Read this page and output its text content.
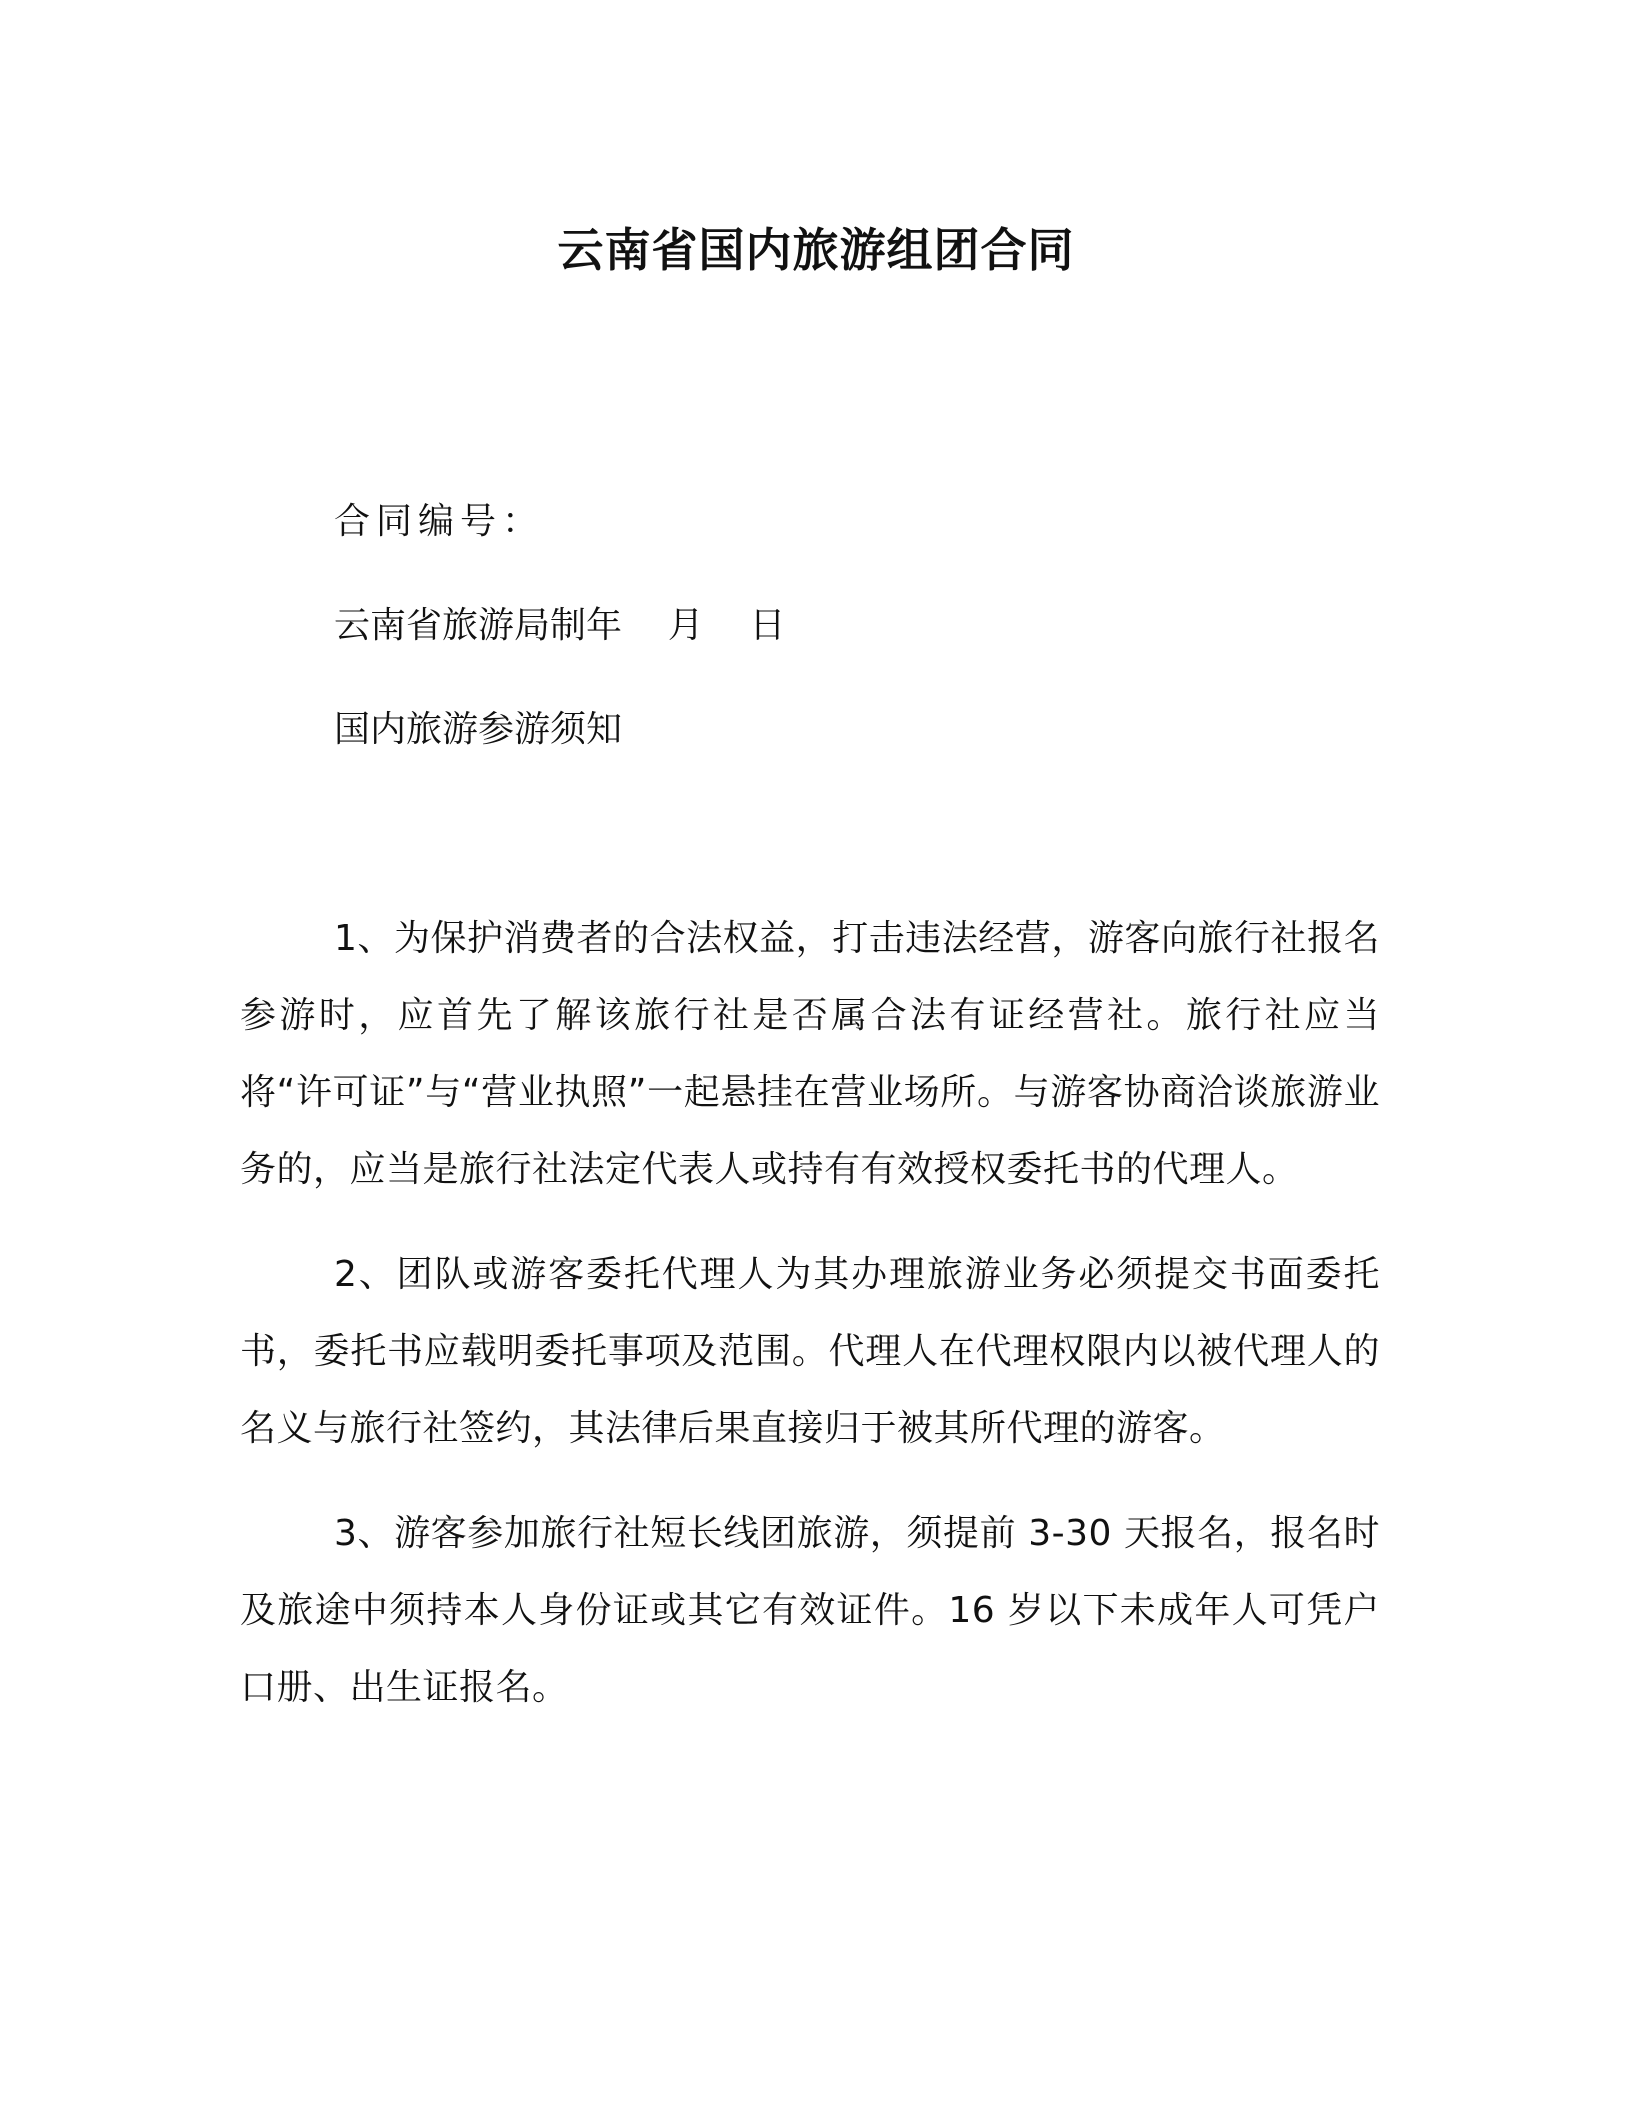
云南省国内旅游组团合同
合同编号：
云南省旅游局制年    月    日
国内旅游参游须知

1、为保护消费者的合法权益，打击违法经营，游客向旅行社报名参游时，应首先了解该旅行社是否属合法有证经营社。旅行社应当将“许可证”与“营业执照”一起悬挂在营业场所。与游客协商洽谈旅游业务的，应当是旅行社法定代表人或持有有效授权委托书的代理人。

2、团队或游客委托代理人为其办理旅游业务必须提交书面委托书，委托书应载明委托事项及范围。代理人在代理权限内以被代理人的名义与旅行社签约，其法律后果直接归于被其所代理的游客。

3、游客参加旅行社短长线团旅游，须提前 3-30 天报名，报名时及旅途中须持本人身份证或其它有效证件。16 岁以下未成年人可凭户口册、出生证报名。
